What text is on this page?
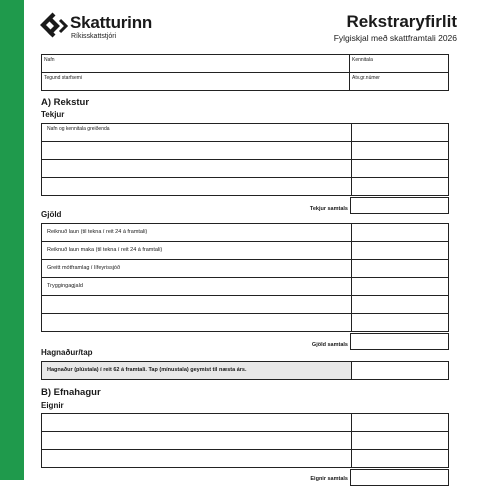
Skatturinn
Ríkisskattstjóri
Rekstraryfirlit
Fylgiskjal með skattframtali 2026
Nafn	Kennitala
Tegund starfsemi	Atv.gr.númer
A) Rekstur
Tekjur
Nafn og kennitala greiðenda
Tekjur samtals
Gjöld
Reiknuð laun (til tekna í reit 24 á framtali)
Reiknuð laun maka (til tekna í reit 24 á framtali)
Greitt mótframlag í lífeyrissjóð
Tryggingagjald
Gjöld samtals
Hagnaður/tap
Hagnaður (plústala) í reit 62 á framtali. Tap (mínustala) geymist til næsta árs.
B) Efnahagur
Eignir
Eignir samtals
